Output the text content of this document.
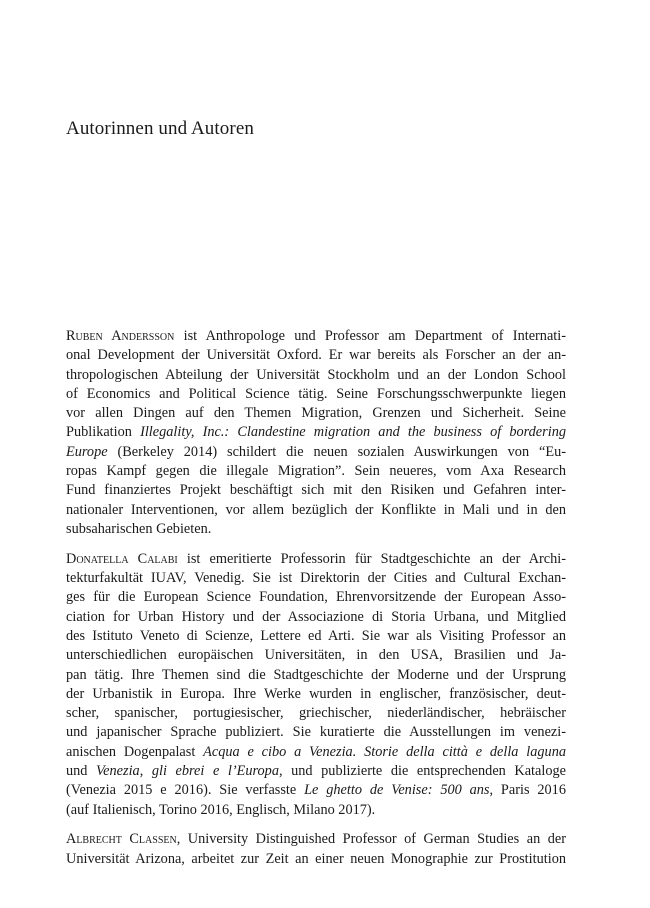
Autorinnen und Autoren

Ruben Andersson ist Anthropologe und Professor am Department of Internati-
onal Development der Universität Oxford. Er war bereits als Forscher an der an-
thropologischen Abteilung der Universität Stockholm und an der London School
of Economics and Political Science tätig. Seine Forschungsschwerpunkte liegen
vor allen Dingen auf den Themen Migration, Grenzen und Sicherheit. Seine
Publikation Illegality, Inc.: Clandestine migration and the business of bordering
Europe (Berkeley 2014) schildert die neuen sozialen Auswirkungen von “Eu-
ropas Kampf gegen die illegale Migration”. Sein neueres, vom Axa Research
Fund finanziertes Projekt beschäftigt sich mit den Risiken und Gefahren inter-
nationaler Interventionen, vor allem bezüglich der Konflikte in Mali und in den
subsaharischen Gebieten.

Donatella Calabi ist emeritierte Professorin für Stadtgeschichte an der Archi-
tekturfakultät IUAV, Venedig. Sie ist Direktorin der Cities and Cultural Exchan-
ges für die European Science Foundation, Ehrenvorsitzende der European Asso-
ciation for Urban History und der Associazione di Storia Urbana, und Mitglied
des Istituto Veneto di Scienze, Lettere ed Arti. Sie war als Visiting Professor an
unterschiedlichen europäischen Universitäten, in den USA, Brasilien und Ja-
pan tätig. Ihre Themen sind die Stadtgeschichte der Moderne und der Ursprung
der Urbanistik in Europa. Ihre Werke wurden in englischer, französischer, deut-
scher, spanischer, portugiesischer, griechischer, niederländischer, hebräischer
und japanischer Sprache publiziert. Sie kuratierte die Ausstellungen im venezi-
anischen Dogenpalast Acqua e cibo a Venezia. Storie della città e della laguna
und Venezia, gli ebrei e l’Europa, und publizierte die entsprechenden Kataloge
(Venezia 2015 e 2016). Sie verfasste Le ghetto de Venise: 500 ans, Paris 2016
(auf Italienisch, Torino 2016, Englisch, Milano 2017).

Albrecht Classen, University Distinguished Professor of German Studies an der
Universität Arizona, arbeitet zur Zeit an einer neuen Monographie zur Prostitution
